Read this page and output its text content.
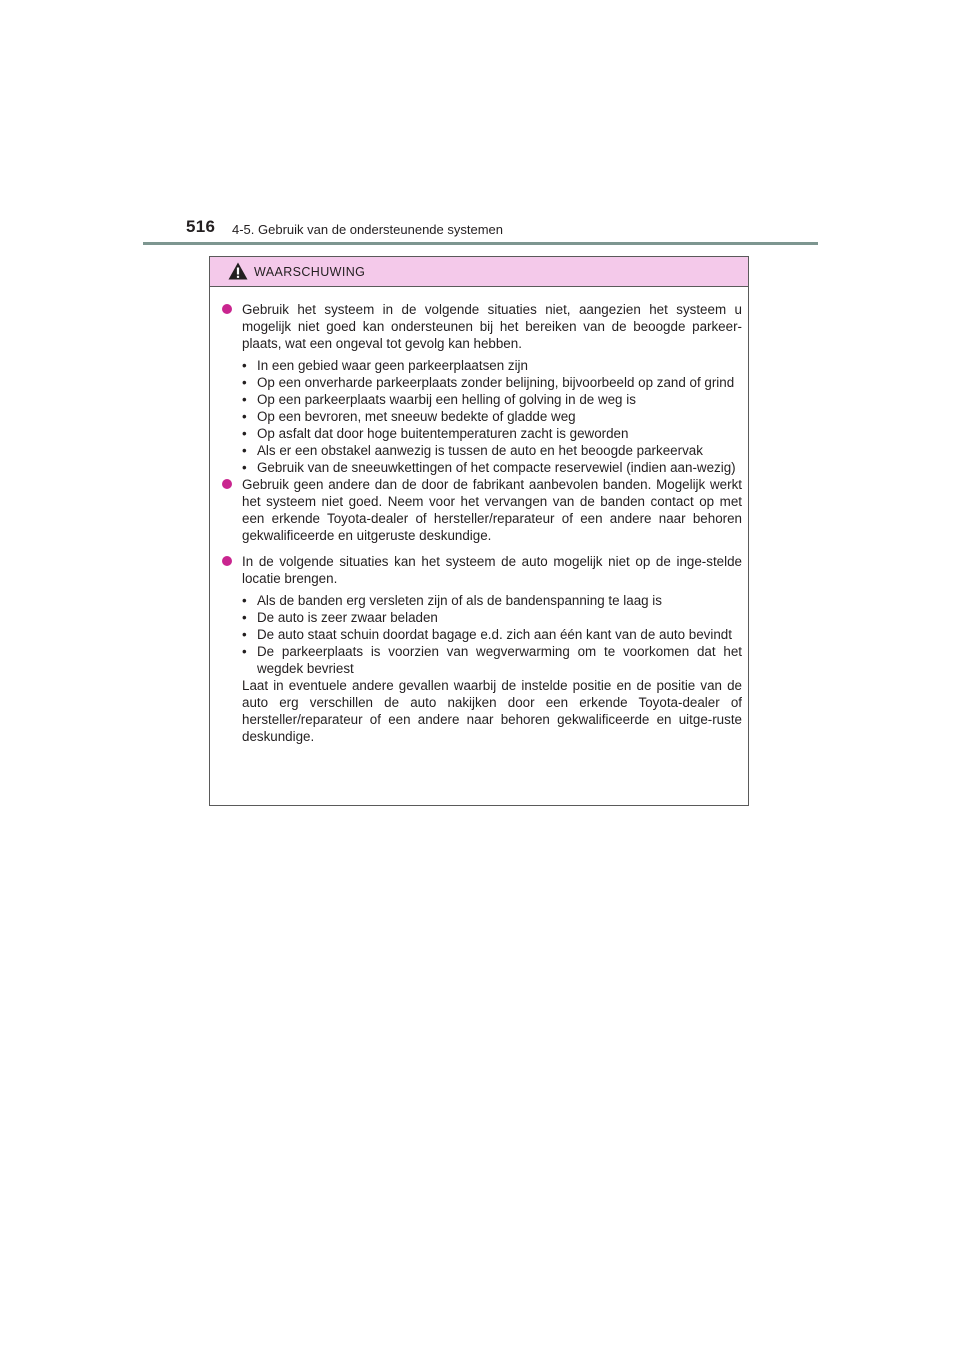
516 4-5. Gebruik van de ondersteunende systemen
WAARSCHUWING
Gebruik het systeem in de volgende situaties niet, aangezien het systeem u mogelijk niet goed kan ondersteunen bij het bereiken van de beoogde parkeer-plaats, wat een ongeval tot gevolg kan hebben.
• In een gebied waar geen parkeerplaatsen zijn
• Op een onverharde parkeerplaats zonder belijning, bijvoorbeeld op zand of grind
• Op een parkeerplaats waarbij een helling of golving in de weg is
• Op een bevroren, met sneeuw bedekte of gladde weg
• Op asfalt dat door hoge buitentemperaturen zacht is geworden
• Als er een obstakel aanwezig is tussen de auto en het beoogde parkeervak
• Gebruik van de sneeuwkettingen of het compacte reservewiel (indien aan-wezig)
Gebruik geen andere dan de door de fabrikant aanbevolen banden. Mogelijk werkt het systeem niet goed. Neem voor het vervangen van de banden contact op met een erkende Toyota-dealer of hersteller/reparateur of een andere naar behoren gekwalificeerde en uitgeruste deskundige.
In de volgende situaties kan het systeem de auto mogelijk niet op de inge-stelde locatie brengen.
• Als de banden erg versleten zijn of als de bandenspanning te laag is
• De auto is zeer zwaar beladen
• De auto staat schuin doordat bagage e.d. zich aan één kant van de auto bevindt
• De parkeerplaats is voorzien van wegverwarming om te voorkomen dat het wegdek bevriest
Laat in eventuele andere gevallen waarbij de instelde positie en de positie van de auto erg verschillen de auto nakijken door een erkende Toyota-dealer of hersteller/reparateur of een andere naar behoren gekwalificeerde en uitge-ruste deskundige.
